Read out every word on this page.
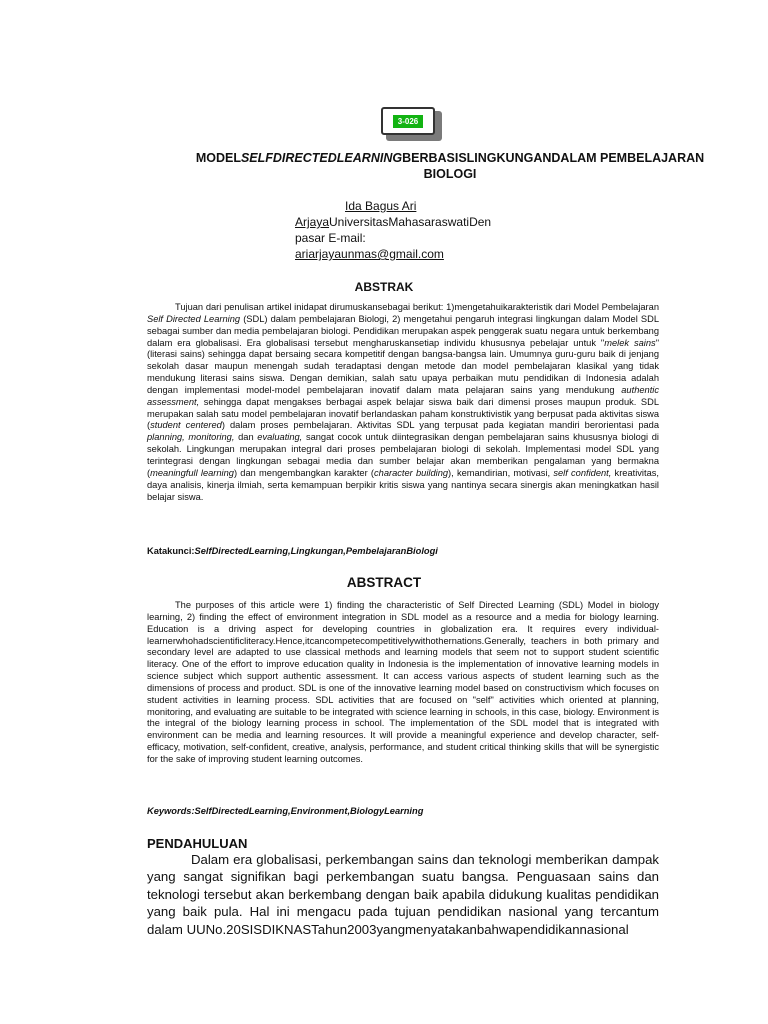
3-026
MODELSELFDIRECTEDLEARNINGBERBASISLINGKUNGANDALAM PEMBELAJARAN
BIOLOGI
Ida Bagus Ari
ArjayaUniversitasMahasaraswatiDen
pasar E-mail:
ariarjayaunmas@gmail.com
ABSTRAK
Tujuan dari penulisan artikel inidapat dirumuskansebagai berikut: 1)mengetahuikarakteristik dari Model Pembelajaran Self Directed Learning (SDL) dalam pembelajaran Biologi, 2) mengetahui pengaruh integrasi lingkungan dalam Model SDL sebagai sumber dan media pembelajaran biologi. Pendidikan merupakan aspek penggerak suatu negara untuk berkembang dalam era globalisasi. Era globalisasi tersebut mengharuskansetiap individu khususnya pebelajar untuk "melek sains" (literasi sains) sehingga dapat bersaing secara kompetitif dengan bangsa-bangsa lain. Umumnya guru-guru baik di jenjang sekolah dasar maupun menengah sudah teradaptasi dengan metode dan model pembelajaran klasikal yang tidak mendukung literasi sains siswa. Dengan demikian, salah satu upaya perbaikan mutu pendidikan di Indonesia adalah dengan implementasi model-model pembelajaran inovatif dalam mata pelajaran sains yang mendukung authentic assessment, sehingga dapat mengakses berbagai aspek belajar siswa baik dari dimensi proses maupun produk. SDL merupakan salah satu model pembelajaran inovatif berlandaskan paham konstruktivistik yang berpusat pada aktivitas siswa (student centered) dalam proses pembelajaran. Aktivitas SDL yang terpusat pada kegiatan mandiri berorientasi pada planning, monitoring, dan evaluating, sangat cocok untuk diintegrasikan dengan pembelajaran sains khususnya biologi di sekolah. Lingkungan merupakan integral dari proses pembelajaran biologi di sekolah. Implementasi model SDL yang terintegrasi dengan lingkungan sebagai media dan sumber belajar akan memberikan pengalaman yang bermakna (meaningfull learning) dan mengembangkan karakter (character building), kemandirian, motivasi, self confident, kreativitas, daya analisis, kinerja ilmiah, serta kemampuan berpikir kritis siswa yang nantinya secara sinergis akan meningkatkan hasil belajar siswa.
Katakunci:SelfDirectedLearning,Lingkungan,PembelajaranBiologi
ABSTRACT
The purposes of this article were 1) finding the characteristic of Self Directed Learning (SDL) Model in biology learning, 2) finding the effect of environment integration in SDL model as a resource and a media for biology learning. Education is a driving aspect for developing countries in globalization era. It requires every individual-learnerwhohadscientificliteracy.Hence,itcancompetecompetitivelywithothernations.Generally, teachers in both primary and secondary level are adapted to use classical methods and learning models that seem not to support student scientific literacy. One of the effort to improve education quality in Indonesia is the implementation of innovative learning models in science subject which support authentic assessment. It can access various aspects of student learning such as the dimensions of process and product. SDL is one of the innovative learning model based on constructivism which focuses on student activities in learning process. SDL activities that are focused on "self" activities which oriented at planning, monitoring, and evaluating are suitable to be integrated with science learning in schools, in this case, biology. Environment is the integral of the biology learning process in school. The implementation of the SDL model that is integrated with environment can be media and learning resources. It will provide a meaningful experience and develop character, self-efficacy, motivation, self-confident, creative, analysis, performance, and student critical thinking skills that will be synergistic for the sake of improving student learning outcomes.
Keywords:SelfDirectedLearning,Environment,BiologyLearning
PENDAHULUAN
Dalam era globalisasi, perkembangan sains dan teknologi memberikan dampak yang sangat signifikan bagi perkembangan suatu bangsa. Penguasaan sains dan teknologi tersebut akan berkembang dengan baik apabila didukung kualitas pendidikan yang baik pula. Hal ini mengacu pada tujuan pendidikan nasional yang tercantum dalam UUNo.20SISDIKNASTahun2003yangmenyatakanbahwapendidikannasional
